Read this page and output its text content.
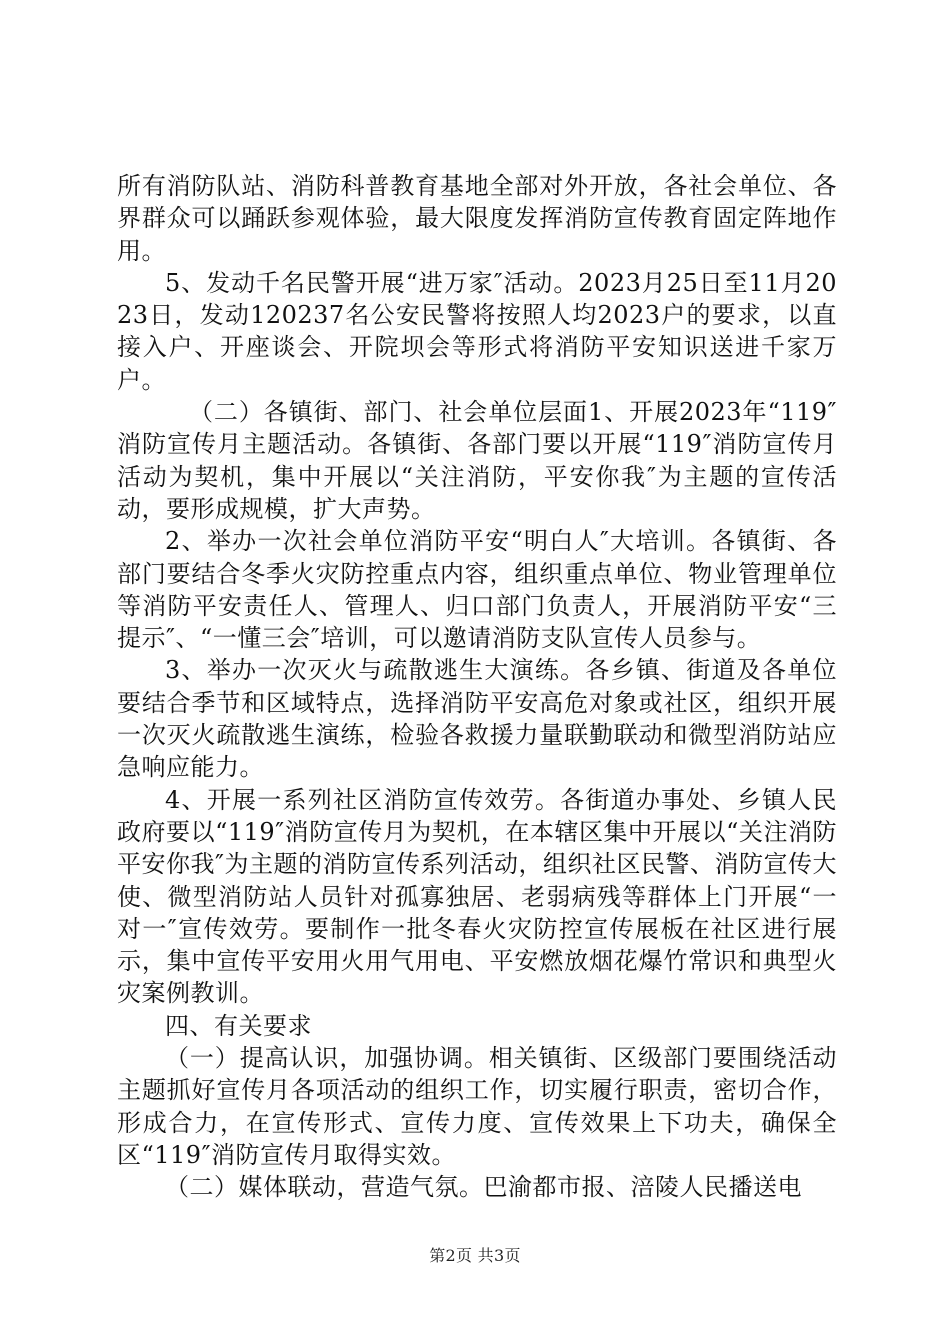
所有消防队站、消防科普教育基地全部对外开放，各社会单位、各界群众可以踊跃参观体验，最大限度发挥消防宣传教育固定阵地作用。

5、发动千名民警开展“进万家″活动。2023月25日至11月2023日，发动120237名公安民警将按照人均2023户的要求，以直接入户、开座谈会、开院坝会等形式将消防平安知识送进千家万户。

（二）各镇街、部门、社会单位层面1、开展2023年“119″消防宣传月主题活动。各镇街、各部门要以开展“119″消防宣传月活动为契机，集中开展以“关注消防，平安你我″为主题的宣传活动，要形成规模，扩大声势。

2、举办一次社会单位消防平安“明白人″大培训。各镇街、各部门要结合冬季火灾防控重点内容，组织重点单位、物业管理单位等消防平安责任人、管理人、归口部门负责人，开展消防平安“三提示″、“一懂三会″培训，可以邀请消防支队宣传人员参与。

3、举办一次灭火与疏散逃生大演练。各乡镇、街道及各单位要结合季节和区域特点，选择消防平安高危对象或社区，组织开展一次灭火疏散逃生演练，检验各救援力量联勤联动和微型消防站应急响应能力。

4、开展一系列社区消防宣传效劳。各街道办事处、乡镇人民政府要以“119″消防宣传月为契机，在本辖区集中开展以“关注消防平安你我″为主题的消防宣传系列活动，组织社区民警、消防宣传大使、微型消防站人员针对孤寡独居、老弱病残等群体上门开展“一对一″宣传效劳。要制作一批冬春火灾防控宣传展板在社区进行展示，集中宣传平安用火用气用电、平安燃放烟花爆竹常识和典型火灾案例教训。

四、有关要求

（一）提高认识，加强协调。相关镇街、区级部门要围绕活动主题抓好宣传月各项活动的组织工作，切实履行职责，密切合作，形成合力，在宣传形式、宣传力度、宣传效果上下功夫，确保全区“119″消防宣传月取得实效。

（二）媒体联动，营造气氛。巴渝都市报、涪陵人民播送电

第2页 共3页
